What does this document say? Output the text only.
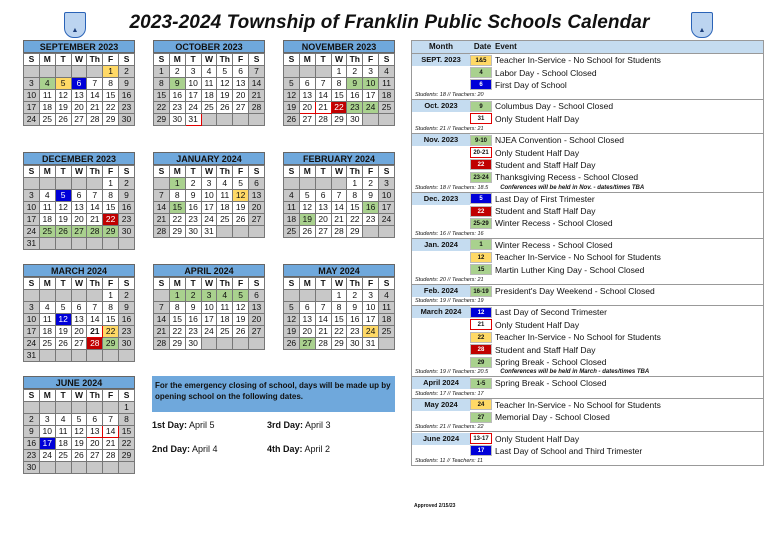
▲	▲
2023-2024 Township of Franklin Public Schools Calendar
SEPTEMBER 2023
S	M	T	W	Th	F	S
					1	2
3	4	5	6	7	8	9
10	11	12	13	14	15	16
17	18	19	20	21	22	23
24	25	26	27	28	29	30
OCTOBER 2023
S	M	T	W	Th	F	S
1	2	3	4	5	6	7
8	9	10	11	12	13	14
15	16	17	18	19	20	21
22	23	24	25	26	27	28
29	30	31				
NOVEMBER 2023
S	M	T	W	Th	F	S
			1	2	3	4
5	6	7	8	9	10	11
12	13	14	15	16	17	18
19	20	21	22	23	24	25
26	27	28	29	30		
DECEMBER 2023
S	M	T	W	Th	F	S
					1	2
3	4	5	6	7	8	9
10	11	12	13	14	15	16
17	18	19	20	21	22	23
24	25	26	27	28	29	30
31						
JANUARY 2024
S	M	T	W	Th	F	S
	1	2	3	4	5	6
7	8	9	10	11	12	13
14	15	16	17	18	19	20
21	22	23	24	25	26	27
28	29	30	31			
FEBRUARY 2024
S	M	T	W	Th	F	S
				1	2	3
4	5	6	7	8	9	10
11	12	13	14	15	16	17
18	19	20	21	22	23	24
25	26	27	28	29		
MARCH 2024
S	M	T	W	Th	F	S
					1	2
3	4	5	6	7	8	9
10	11	12	13	14	15	16
17	18	19	20	21	22	23
24	25	26	27	28	29	30
31						
APRIL 2024
S	M	T	W	Th	F	S
	1	2	3	4	5	6
7	8	9	10	11	12	13
14	15	16	17	18	19	20
21	22	23	24	25	26	27
28	29	30				
MAY 2024
S	M	T	W	Th	F	S
			1	2	3	4
5	6	7	8	9	10	11
12	13	14	15	16	17	18
19	20	21	22	23	24	25
26	27	28	29	30	31	
JUNE 2024
S	M	T	W	Th	F	S
						1
2	3	4	5	6	7	8
9	10	11	12	13	14	15
16	17	18	19	20	21	22
23	24	25	26	27	28	29
30						
For the emergency closing of school, days will be made up by opening school on the following dates.
1st Day: April 5	3rd Day: April 3
2nd Day: April 4	4th Day: April 2
Month	Date Event
SEPT. 2023	1&5	Teacher In-Service - No School for Students
4	Labor Day - School Closed
6	First Day of School
Students: 18 // Teachers: 20
Oct. 2023	9	Columbus Day - School Closed
31	Only Student Half Day
Students: 21 // Teachers: 21
Nov. 2023	9-10 NJEA Convention - School Closed
20-21 Only Student Half Day
22	Student and Staff Half Day
23-24 Thanksgiving Recess - School Closed
Students: 18 // Teachers: 18.5 Conferences will be held in Nov. - dates/times TBA
Dec. 2023	5	Last Day of First Trimester
22	Student and Staff Half Day
25-29 Winter Recess - School Closed
Students: 16 // Teachers: 16
Jan. 2024	1	Winter Recess - School Closed
12	Teacher In-Service - No School for Students
15	Martin Luther King Day - School Closed
Students: 20 // Teachers: 21
Feb. 2024	16-19 President's Day Weekend - School Closed
Students: 19 // Teachers: 19
March 2024	12	Last Day of Second Trimester
21	Only Student Half Day
22	Teacher In-Service - No School for Students
28	Student and Staff Half Day
29	Spring Break - School Closed
Students: 19 // Teachers: 20.5 Conferences will be held in March - dates/times TBA
April 2024	1-5	Spring Break - School Closed
Students: 17 // Teachers: 17
May 2024	24	Teacher In-Service - No School for Students
27	Memorial Day - School Closed
Students: 21 // Teachers: 22
June 2024	13-17 Only Student Half Day
17	Last Day of School and Third Trimester
Students: 11 // Teachers: 11
Approved 2/15/23
